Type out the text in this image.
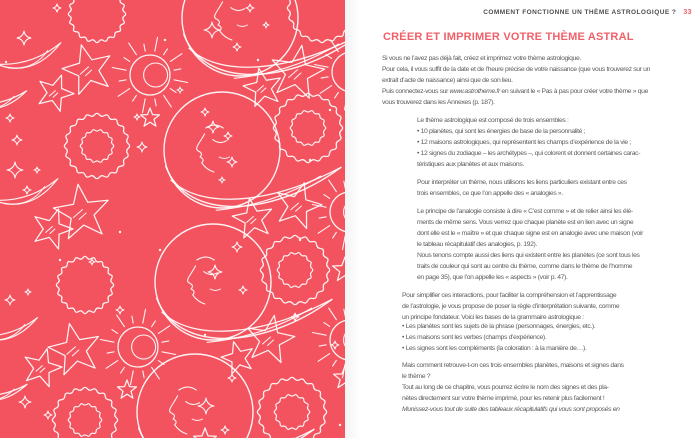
COMMENT FONCTIONNE UN THÈME ASTROLOGIQUE ? 33
CRÉER ET IMPRIMER VOTRE THÈME ASTRAL
Si vous ne l’avez pas déjà fait, créez et imprimez votre thème astrologique.
Pour cela, il vous suffit de la date et de l’heure précise de votre naissance (que vous trouverez sur un
extrait d’acte de naissance) ainsi que de son lieu.
Puis connectez-vous sur www.astrotheme.fr en suivant le « Pas à pas pour créer votre thème » que
vous trouverez dans les Annexes (p. 187).
Le thème astrologique est composé de trois ensembles :
• 10 planètes, qui sont les énergies de base de la personnalité ;
• 12 maisons astrologiques, qui représentent les champs d’expérience de la vie ;
• 12 signes du zodiaque – les archétypes –, qui colorent et donnent certaines carac-
téristiques aux planètes et aux maisons.
Pour interpréter un thème, nous utilisons les liens particuliers existant entre ces
trois ensembles, ce que l’on appelle des « analogies ».
Le principe de l’analogie consiste à dire « C’est comme » et de relier ainsi les élé-
ments de même sens. Vous verrez que chaque planète est en lien avec un signe
dont elle est le « maître » et que chaque signe est en analogie avec une maison (voir
le tableau récapitulatif des analogies, p. 192).
Nous tenons compte aussi des liens qui existent entre les planètes (ce sont tous les
traits de couleur qui sont au centre du thème, comme dans le thème de l’homme
en page 35), que l’on appelle les « aspects » (voir p. 47).
Pour simplifier ces interactions, pour faciliter la compréhension et l’apprentissage
de l’astrologie, je vous propose de poser la règle d’interprétation suivante, comme
un principe fondateur. Voici les bases de la grammaire astrologique :
• Les planètes sont les sujets de la phrase (personnages, énergies, etc.).
• Les maisons sont les verbes (champs d’expérience).
• Les signes sont les compléments (la coloration : à la manière de…).
Mais comment retrouve-t-on ces trois ensembles planètes, maisons et signes dans
le thème ?
Tout au long de ce chapitre, vous pourrez écrire le nom des signes et des pla-
nètes directement sur votre thème imprimé, pour les retenir plus facilement !
Munissez-vous tout de suite des tableaux récapitulatifs qui vous sont proposés en
